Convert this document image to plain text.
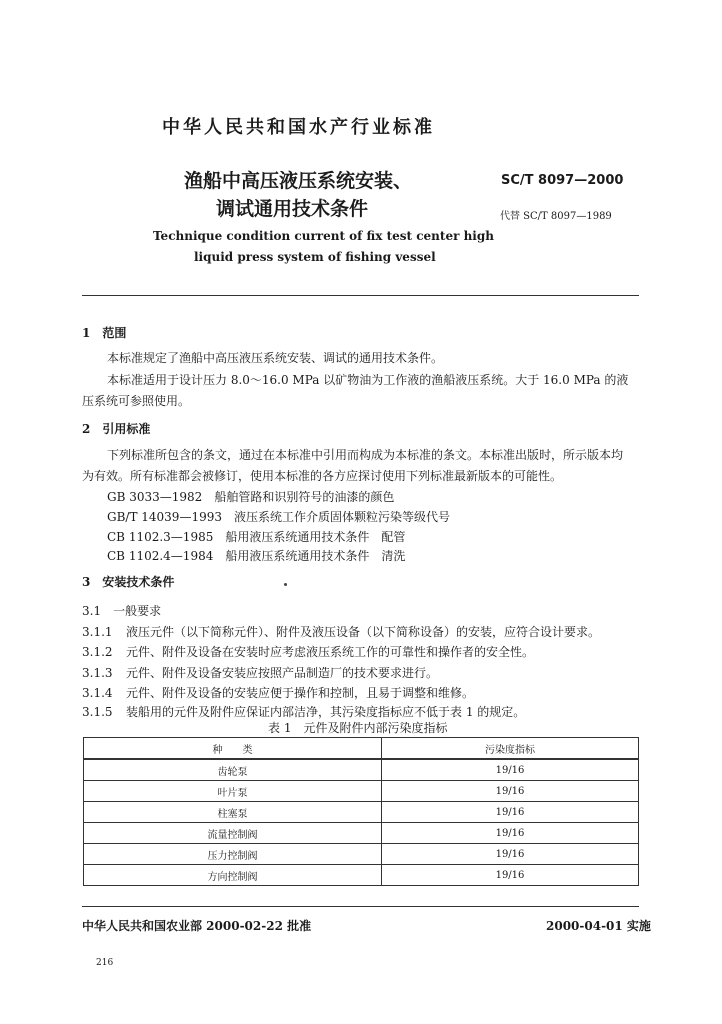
中华人民共和国水产行业标准
渔船中高压液压系统安装、
调试通用技术条件
SC/T 8097—2000
代替 SC/T 8097—1989
Technique condition current of fix test center high
liquid press system of fishing vessel
1　范围
本标准规定了渔船中高压液压系统安装、调试的通用技术条件。
本标准适用于设计压力 8.0～16.0 MPa 以矿物油为工作液的渔船液压系统。大于 16.0 MPa 的液
压系统可参照使用。
2　引用标准
下列标准所包含的条文，通过在本标准中引用而构成为本标准的条文。本标准出版时，所示版本均
为有效。所有标准都会被修订，使用本标准的各方应探讨使用下列标准最新版本的可能性。
GB 3033—1982　 船舶管路和识别符号的油漆的颜色
GB/T 14039—1993　 液压系统工作介质固体颗粒污染等级代号
CB 1102.3—1985　 船用液压系统通用技术条件　配管
CB 1102.4—1984　 船用液压系统通用技术条件　清洗
3　安装技术条件
3.1　一般要求
3.1.1 液压元件（以下简称元件）、附件及液压设备（以下简称设备）的安装，应符合设计要求。
3.1.2 元件、附件及设备在安装时应考虑液压系统工作的可靠性和操作者的安全性。
3.1.3 元件、附件及设备安装应按照产品制造厂的技术要求进行。
3.1.4 元件、附件及设备的安装应便于操作和控制，且易于调整和维修。
3.1.5 装船用的元件及附件应保证内部洁净，其污染度指标应不低于表 1 的规定。
表 1　元件及附件内部污染度指标
种　　类	污染度指标
齿轮泵	19/16
叶片泵	19/16
柱塞泵	19/16
流量控制阀	19/16
压力控制阀	19/16
方向控制阀	19/16
中华人民共和国农业部 2000-02-22 批准	2000-04-01 实施
216
